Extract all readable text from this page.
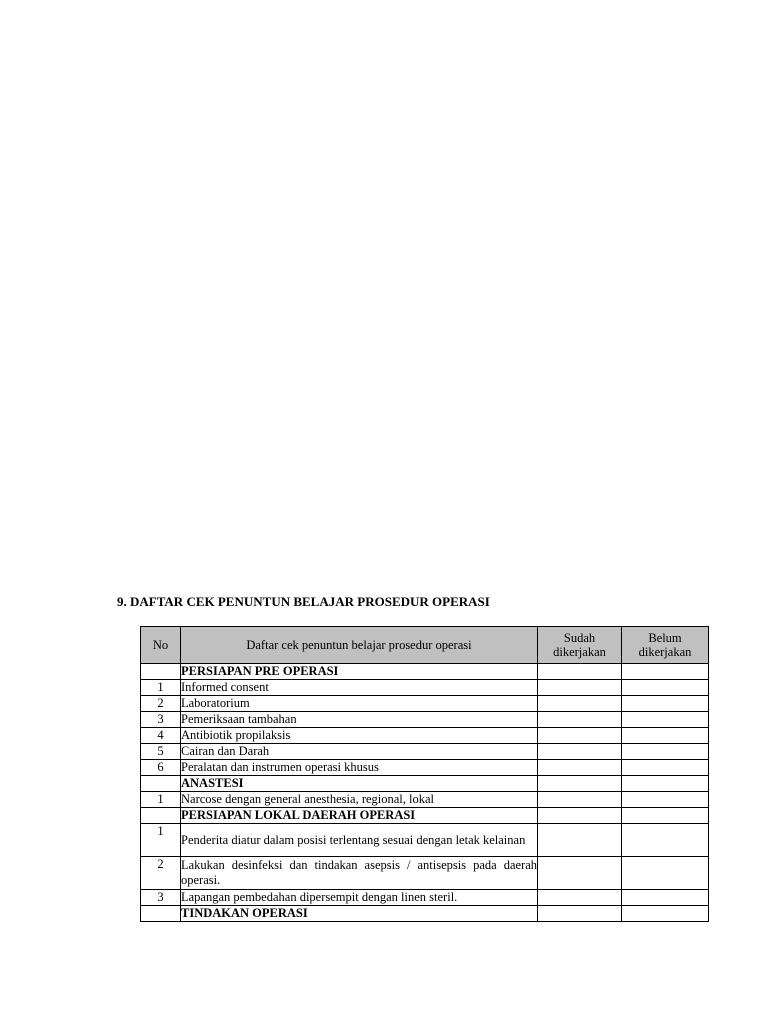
9. DAFTAR CEK PENUNTUN BELAJAR PROSEDUR OPERASI
No	Daftar cek penuntun belajar prosedur operasi	Sudah dikerjakan	Belum dikerjakan
	PERSIAPAN PRE OPERASI		
1	Informed consent		
2	Laboratorium		
3	Pemeriksaan tambahan		
4	Antibiotik propilaksis		
5	Cairan dan Darah		
6	Peralatan dan instrumen operasi khusus		
	ANASTESI		
1	Narcose dengan general anesthesia, regional, lokal		
	PERSIAPAN LOKAL DAERAH OPERASI		
1	Penderita diatur dalam posisi terlentang sesuai dengan letak kelainan		
2	Lakukan desinfeksi dan tindakan asepsis / antisepsis pada daerah operasi.		
3	Lapangan pembedahan dipersempit dengan linen steril.		
	TINDAKAN OPERASI		
